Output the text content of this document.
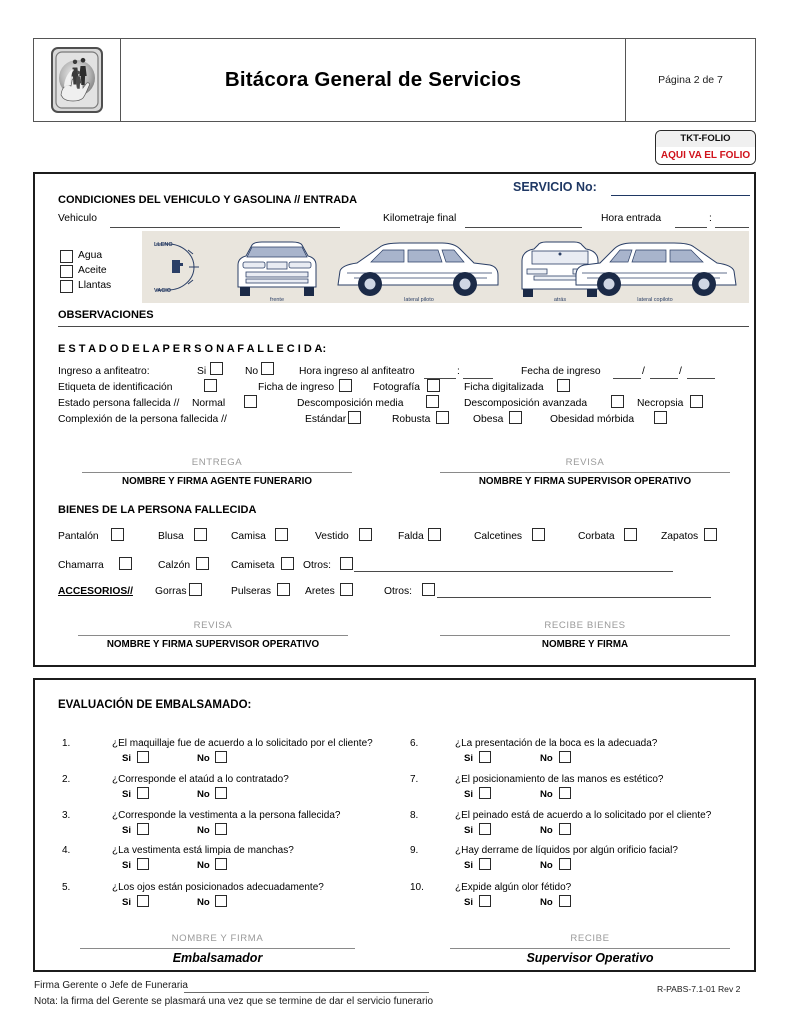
Bitácora General de Servicios	Página 2 de 7
TKT-FOLIO
AQUI VA EL FOLIO
SERVICIO No:
CONDICIONES DEL VEHICULO Y GASOLINA // ENTRADA
Vehiculo	Kilometraje final	Hora entrada	:
Agua
Aceite
Llantas
frente	lateral piloto	atrás	lateral copiloto
LLENO
VACIO
OBSERVACIONES
E S T A D O D E L A P E R S O N A F A L L E C I D A:
Ingreso a anfiteatro:	Si	No	Hora ingreso al anfiteatro	:	Fecha de ingreso	/	/
Etiqueta de identificación	Ficha de ingreso	Fotografía	Ficha digitalizada
Estado persona fallecida // Normal	Descomposición media	Descomposición avanzada	Necropsia
Complexión de la persona fallecida //	Estándar	Robusta	Obesa	Obesidad mórbida
ENTREGA
NOMBRE Y FIRMA AGENTE FUNERARIO
REVISA
NOMBRE Y FIRMA SUPERVISOR OPERATIVO
BIENES DE LA PERSONA FALLECIDA
Pantalón	Blusa	Camisa	Vestido	Falda	Calcetines	Corbata	Zapatos
Chamarra	Calzón	Camiseta	Otros:
ACCESORIOS// Gorras	Pulseras	Aretes	Otros:
REVISA
NOMBRE Y FIRMA SUPERVISOR OPERATIVO
RECIBE BIENES
NOMBRE Y FIRMA
EVALUACIÓN DE EMBALSAMADO:
1.	¿El maquillaje fue de acuerdo a lo solicitado por el cliente?
Si	No
2.	¿Corresponde el ataúd a lo contratado?
Si	No
3.	¿Corresponde la vestimenta a la persona fallecida?
Si	No
4.	¿La vestimenta está limpia de manchas?
Si	No
5.	¿Los ojos están posicionados adecuadamente?
Si	No
6.	¿La presentación de la boca es la adecuada?
Si	No
7.	¿El posicionamiento de las manos es estético?
Si	No
8.	¿El peinado está de acuerdo a lo solicitado por el cliente?
Si	No
9.	¿Hay derrame de líquidos por algún orificio facial?
Si	No
10.	¿Expide algún olor fétido?
Si	No
NOMBRE Y FIRMA
Embalsamador
RECIBE
Supervisor Operativo
Firma Gerente o Jefe de Funeraria
Nota: la firma del Gerente se plasmará una vez que se termine de dar el servicio funerario
R-PABS-7.1-01 Rev 2
